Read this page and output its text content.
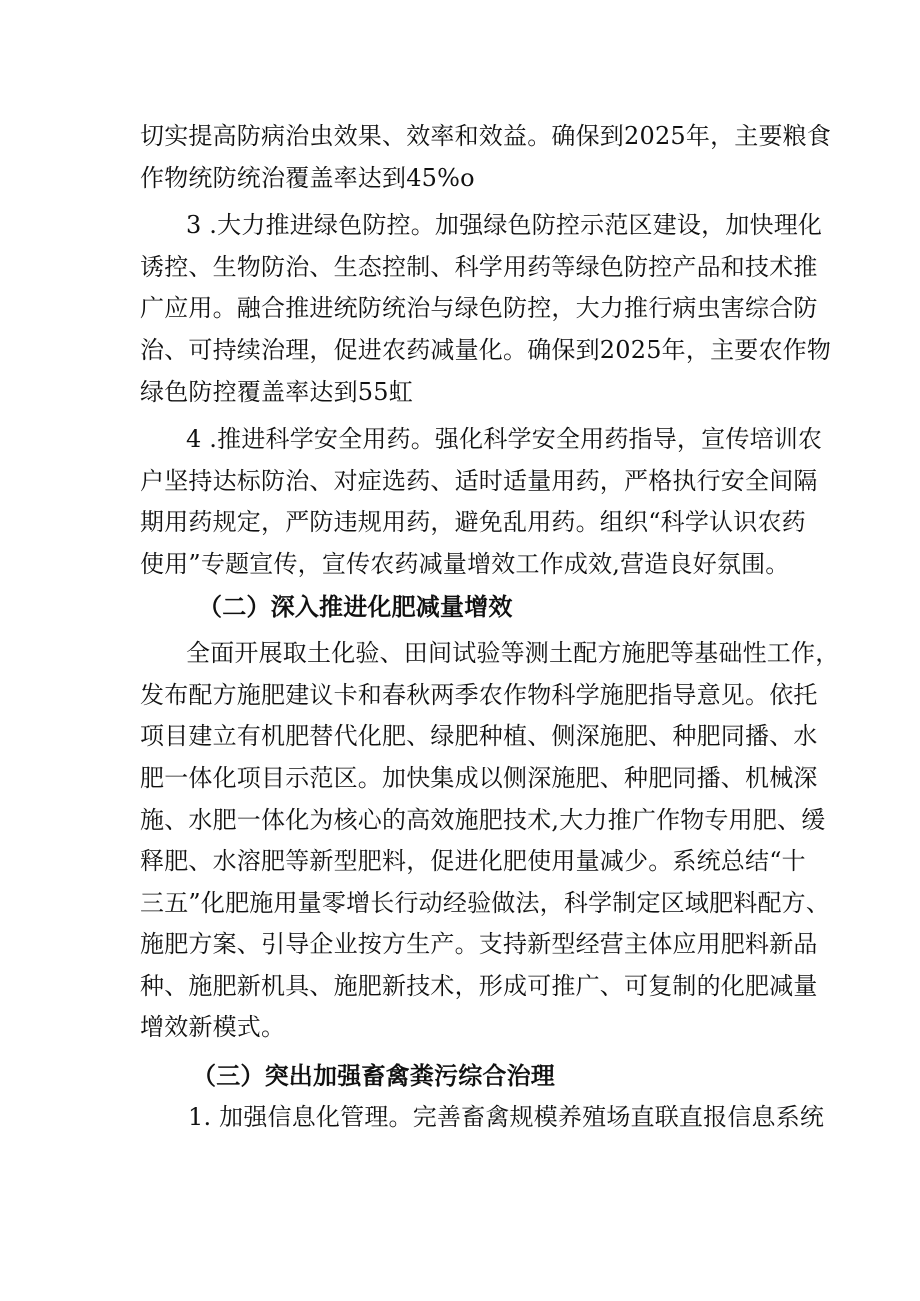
切实提高防病治虫效果、效率和效益。确保到2025年，主要粮食
作物统防统治覆盖率达到45%o
3 .大力推进绿色防控。加强绿色防控示范区建设，加快理化
诱控、生物防治、生态控制、科学用药等绿色防控产品和技术推
广应用。融合推进统防统治与绿色防控，大力推行病虫害综合防
治、可持续治理，促进农药减量化。确保到2025年，主要农作物
绿色防控覆盖率达到55虹
4 .推进科学安全用药。强化科学安全用药指导，宣传培训农
户坚持达标防治、对症选药、适时适量用药，严格执行安全间隔
期用药规定，严防违规用药，避免乱用药。组织“科学认识农药
使用”专题宣传，宣传农药减量增效工作成效,营造良好氛围。
（二）深入推进化肥减量增效
全面开展取土化验、田间试验等测土配方施肥等基础性工作，
发布配方施肥建议卡和春秋两季农作物科学施肥指导意见。依托
项目建立有机肥替代化肥、绿肥种植、侧深施肥、种肥同播、水
肥一体化项目示范区。加快集成以侧深施肥、种肥同播、机械深
施、水肥一体化为核心的高效施肥技术,大力推广作物专用肥、缓
释肥、水溶肥等新型肥料，促进化肥使用量减少。系统总结“十
三五”化肥施用量零增长行动经验做法，科学制定区域肥料配方、
施肥方案、引导企业按方生产。支持新型经营主体应用肥料新品
种、施肥新机具、施肥新技术，形成可推广、可复制的化肥减量
增效新模式。
（三）突出加强畜禽粪污综合治理
1. 加强信息化管理。完善畜禽规模养殖场直联直报信息系统
